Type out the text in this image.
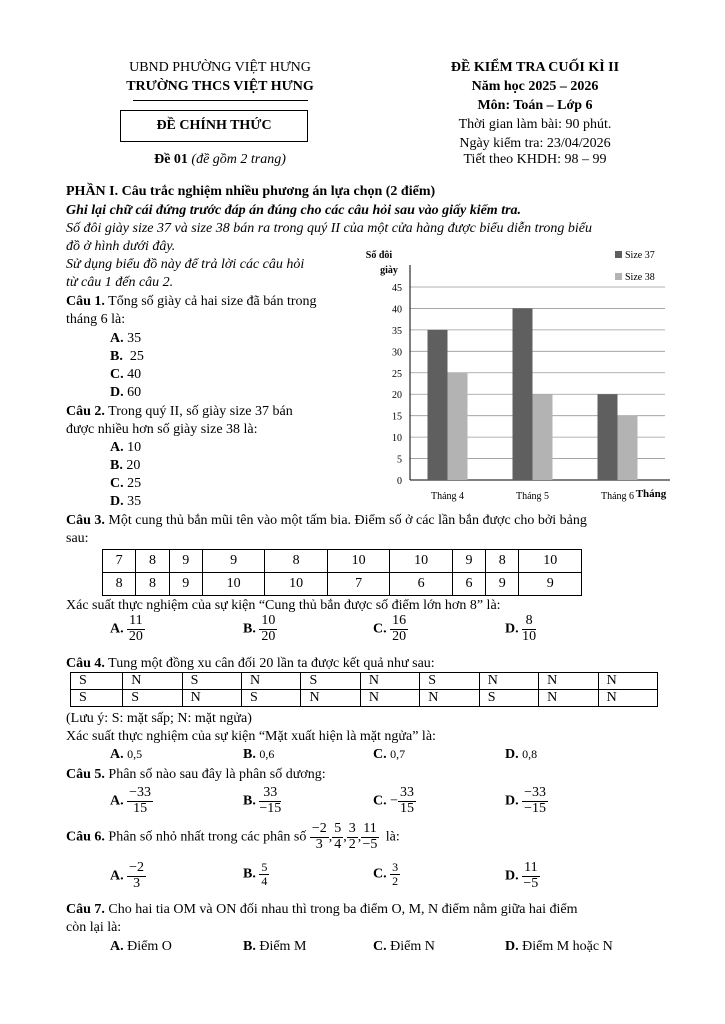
UBND PHƯỜNG VIỆT HƯNG
TRƯỜNG THCS VIỆT HƯNG
ĐỀ CHÍNH THỨC
Đề 01 (đề gồm 2 trang)
ĐỀ KIỂM TRA CUỐI KÌ II
Năm học 2025 – 2026
Môn: Toán – Lớp 6
Thời gian làm bài: 90 phút.
Ngày kiểm tra: 23/04/2026
Tiết theo KHDH: 98 – 99
PHẦN I. Câu trắc nghiệm nhiều phương án lựa chọn (2 điểm)
Ghi lại chữ cái đứng trước đáp án đúng cho các câu hỏi sau vào giấy kiểm tra.
Số đôi giày size 37 và size 38 bán ra trong quý II của một cửa hàng được biểu diễn trong biểu
đồ ở hình dưới đây.
Sử dụng biểu đồ này để trả lời các câu hỏi
từ câu 1 đến câu 2.
Câu 1. Tổng số giày cả hai size đã bán trong
tháng 6 là:
A. 35
B. 25
C. 40
D. 60
Câu 2. Trong quý II, số giày size 37 bán
được nhiều hơn số giày size 38 là:
A. 10
B. 20
C. 25
D. 35
0
5
10
15
20
25
30
35
40
45
Số đôi
giày
Tháng
Tháng 4	Tháng 5	Tháng 6
Size 37
Size 38
Câu 3. Một cung thủ bắn mũi tên vào một tấm bia. Điểm số ở các lần bắn được cho bởi bảng
sau:
7	8	9	9	8	10	10	9	8	10
8	8	9	10	10	7	6	6	9	9
Xác suất thực nghiệm của sự kiện “Cung thủ bắn được số điểm lớn hơn 8” là:
A. $\frac{11}{20}$	B. $\frac{10}{20}$	C. $\frac{16}{20}$	D. $\frac{8}{10}$
Câu 4. Tung một đồng xu cân đối 20 lần ta được kết quả như sau:
S	N	S	N	S	N	S	N	N	N
S	S	N	S	N	N	N	S	N	N
(Lưu ý: S: mặt sấp; N: mặt ngửa)
Xác suất thực nghiệm của sự kiện “Mặt xuất hiện là mặt ngửa” là:
A. 0,5	B. 0,6	C. 0,7	D. 0,8
Câu 5. Phân số nào sau đây là phân số dương:
A. $\frac{-33}{15}$	B. $\frac{33}{-15}$	C. − $\frac{33}{15}$	D. $\frac{-33}{-15}$
Câu 6. Phân số nhỏ nhất trong các phân số $\frac{-2}{3}$ , $\frac{5}{4}$ , $\frac{3}{2}$ , $\frac{11}{-5}$ là:
A. $\frac{-2}{3}$	B. $\frac{5}{4}$	C. $\frac{3}{2}$	D. $\frac{11}{-5}$
Câu 7. Cho hai tia OM và ON đối nhau thì trong ba điểm O, M, N điểm nằm giữa hai điểm
còn lại là:
A. Điểm O	B. Điểm M	C. Điểm N	D. Điểm M hoặc N
